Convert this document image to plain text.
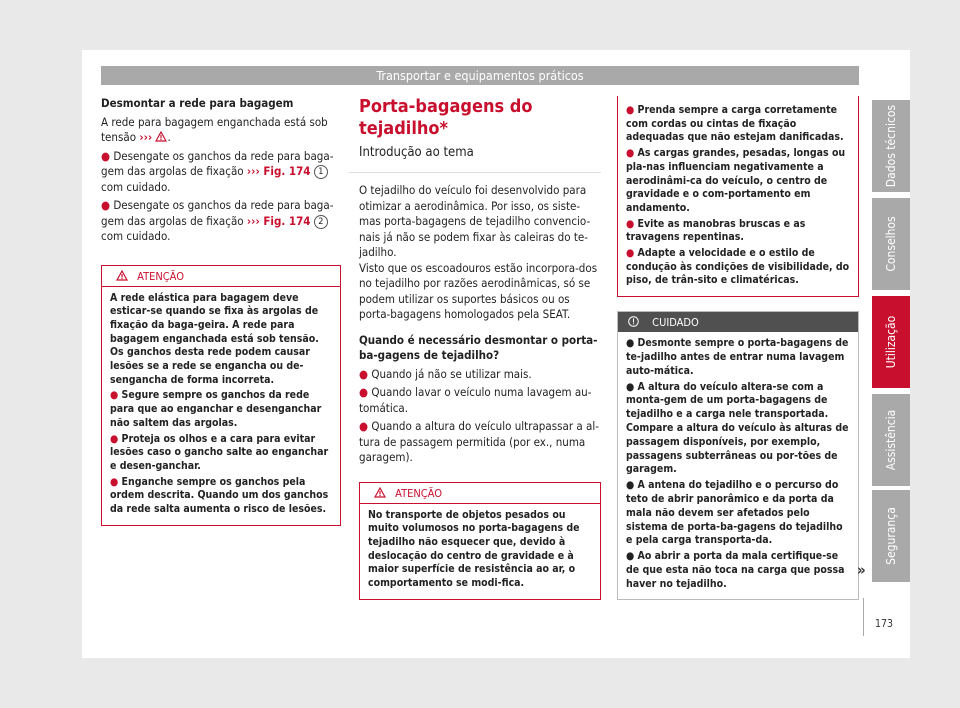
Transportar e equipamentos práticos

Desmontar a rede para bagagem

A rede para bagagem enganchada está sob
tensão ››› .

● Desengate os ganchos da rede para baga-
gem das argolas de fixação ››› Fig. 174 1
com cuidado.

● Desengate os ganchos da rede para baga-
gem das argolas de fixação ››› Fig. 174 2
com cuidado.

ATENÇÃO

A rede elástica para bagagem deve esticar-se quando se fixa às argolas de fixação da baga-geira. A rede para bagagem enganchada está sob tensão. Os ganchos desta rede podem causar lesões se a rede se engancha ou de-sengancha de forma incorreta.

● Segure sempre os ganchos da rede para que ao enganchar e desenganchar não saltem das argolas.

● Proteja os olhos e a cara para evitar lesões caso o gancho salte ao enganchar e desen-ganchar.

● Enganche sempre os ganchos pela ordem descrita. Quando um dos ganchos da rede salta aumenta o risco de lesões.

Porta-bagagens do tejadilho*

Introdução ao tema

O tejadilho do veículo foi desenvolvido para otimizar a aerodinâmica. Por isso, os siste-mas porta-bagagens de tejadilho convencio-nais já não se podem fixar às caleiras do te-jadilho.

Visto que os escoadouros estão incorpora-dos no tejadilho por razões aerodinâmicas, só se podem utilizar os suportes básicos ou os porta-bagagens homologados pela SEAT.

Quando é necessário desmontar o porta-ba-gagens de tejadilho?

● Quando já não se utilizar mais.

● Quando lavar o veículo numa lavagem au-tomática.

● Quando a altura do veículo ultrapassar a al-tura de passagem permitida (por ex., numa garagem).

ATENÇÃO

No transporte de objetos pesados ou muito volumosos no porta-bagagens de tejadilho não esquecer que, devido à deslocação do centro de gravidade e à maior superfície de resistência ao ar, o comportamento se modi-fica.

● Prenda sempre a carga corretamente com cordas ou cintas de fixação adequadas que não estejam danificadas.

● As cargas grandes, pesadas, longas ou pla-nas influenciam negativamente a aerodinâmi-ca do veículo, o centro de gravidade e o com-portamento em andamento.

● Evite as manobras bruscas e as travagens repentinas.

● Adapte a velocidade e o estilo de condução às condições de visibilidade, do piso, de trân-sito e climatéricas.

CUIDADO

● Desmonte sempre o porta-bagagens de te-jadilho antes de entrar numa lavagem auto-mática.

● A altura do veículo altera-se com a monta-gem de um porta-bagagens de tejadilho e a carga nele transportada. Compare a altura do veículo às alturas de passagem disponíveis, por exemplo, passagens subterrâneas ou por-tões de garagem.

● A antena do tejadilho e o percurso do teto de abrir panorâmico e da porta da mala não devem ser afetados pelo sistema de porta-ba-gagens do tejadilho e pela carga transporta-da.

● Ao abrir a porta da mala certifique-se de que esta não toca na carga que possa haver no tejadilho.

»
Dados técnicos
Conselhos
Utilização
Assistência
Segurança
173
